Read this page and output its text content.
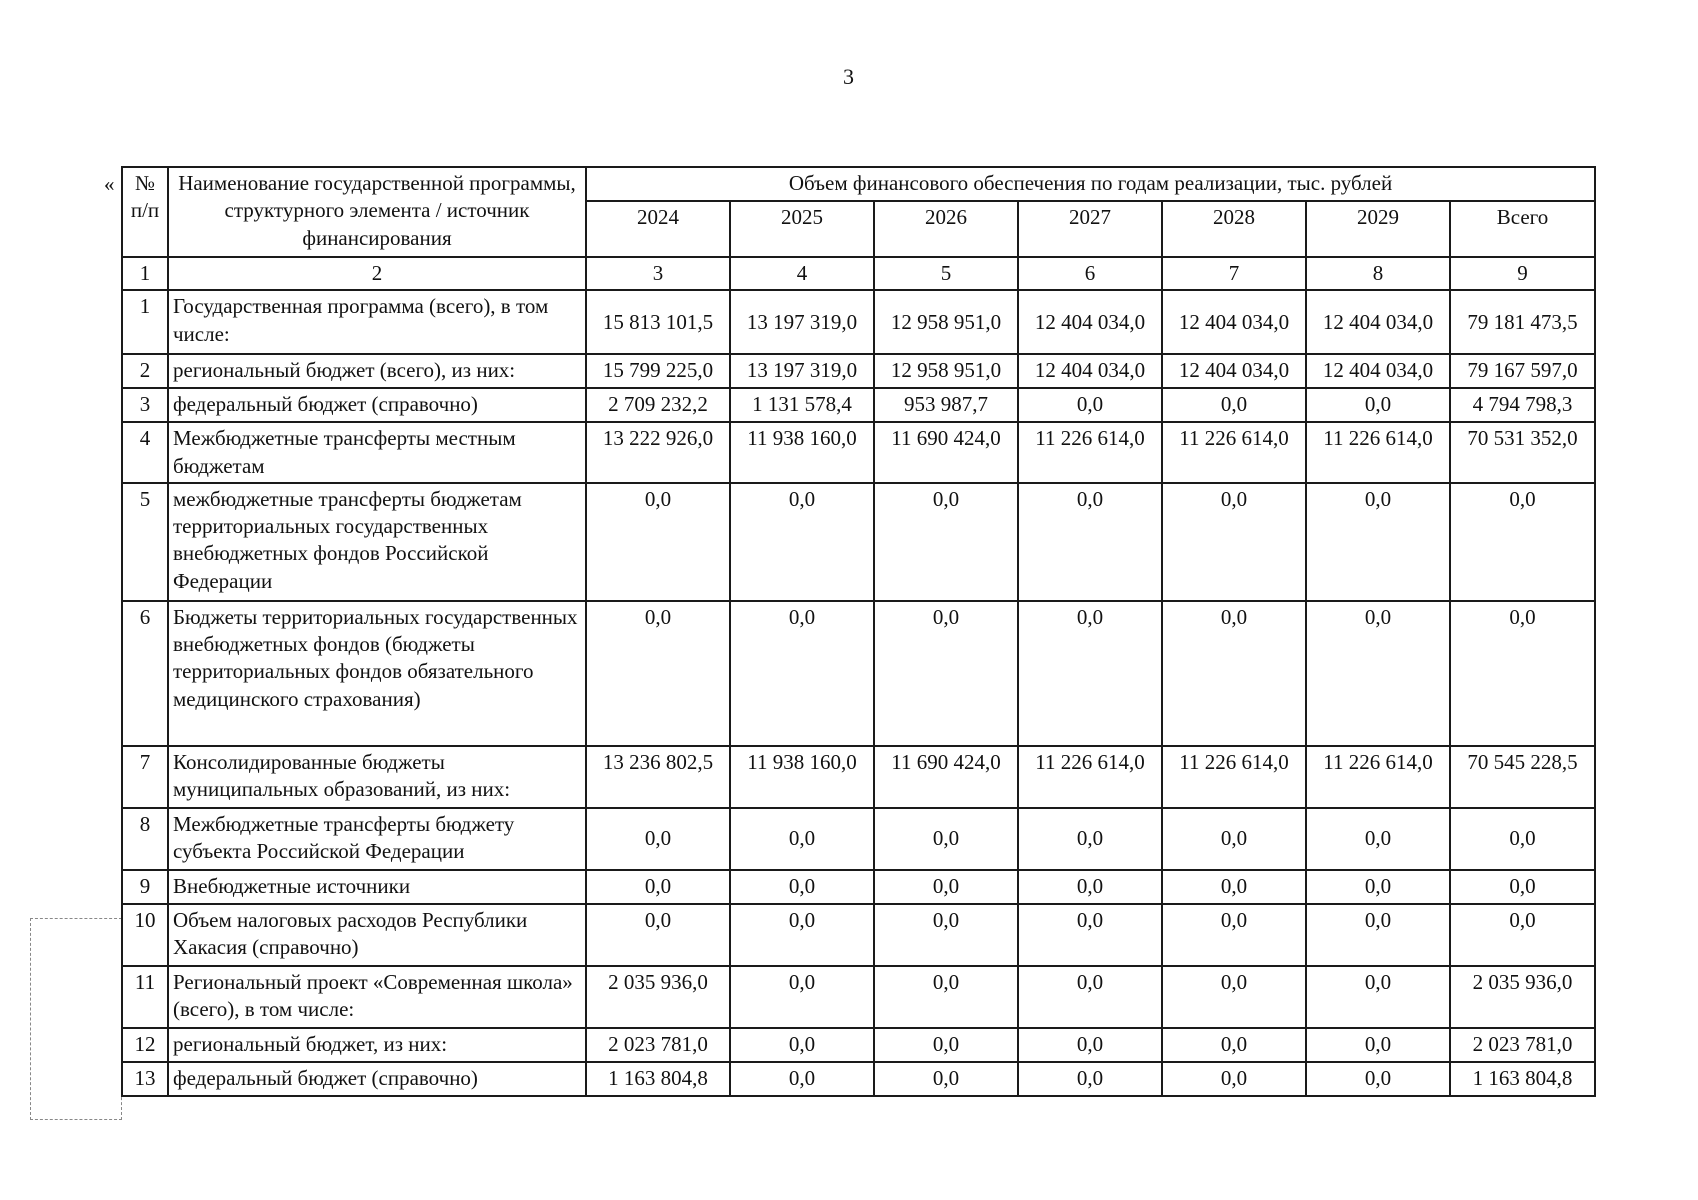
3
« № п/п	Наименование государственной программы, структурного элемента / источник финансирования	Объем финансового обеспечения по годам реализации, тыс. рублей						
		2024	2025	2026	2027	2028	2029	Всего
1	2	3	4	5	6	7	8	9
1	Государственная программа (всего), в том числе:	15 813 101,5	13 197 319,0	12 958 951,0	12 404 034,0	12 404 034,0	12 404 034,0	79 181 473,5
2	региональный бюджет (всего), из них:	15 799 225,0	13 197 319,0	12 958 951,0	12 404 034,0	12 404 034,0	12 404 034,0	79 167 597,0
3	федеральный бюджет (справочно)	2 709 232,2	1 131 578,4	953 987,7	0,0	0,0	0,0	4 794 798,3
4	Межбюджетные трансферты местным бюджетам	13 222 926,0	11 938 160,0	11 690 424,0	11 226 614,0	11 226 614,0	11 226 614,0	70 531 352,0
5	межбюджетные трансферты бюджетам территориальных государственных внебюджетных фондов Российской Федерации	0,0	0,0	0,0	0,0	0,0	0,0	0,0
6	Бюджеты территориальных государственных внебюджетных фондов (бюджеты территориальных фондов обязательного медицинского страхования)	0,0	0,0	0,0	0,0	0,0	0,0	0,0
7	Консолидированные бюджеты муниципальных образований, из них:	13 236 802,5	11 938 160,0	11 690 424,0	11 226 614,0	11 226 614,0	11 226 614,0	70 545 228,5
8	Межбюджетные трансферты бюджету субъекта Российской Федерации	0,0	0,0	0,0	0,0	0,0	0,0	0,0
9	Внебюджетные источники	0,0	0,0	0,0	0,0	0,0	0,0	0,0
10	Объем налоговых расходов Республики Хакасия (справочно)	0,0	0,0	0,0	0,0	0,0	0,0	0,0
11	Региональный проект «Современная школа» (всего), в том числе:	2 035 936,0	0,0	0,0	0,0	0,0	0,0	2 035 936,0
12	региональный бюджет, из них:	2 023 781,0	0,0	0,0	0,0	0,0	0,0	2 023 781,0
13	федеральный бюджет (справочно)	1 163 804,8	0,0	0,0	0,0	0,0	0,0	1 163 804,8
